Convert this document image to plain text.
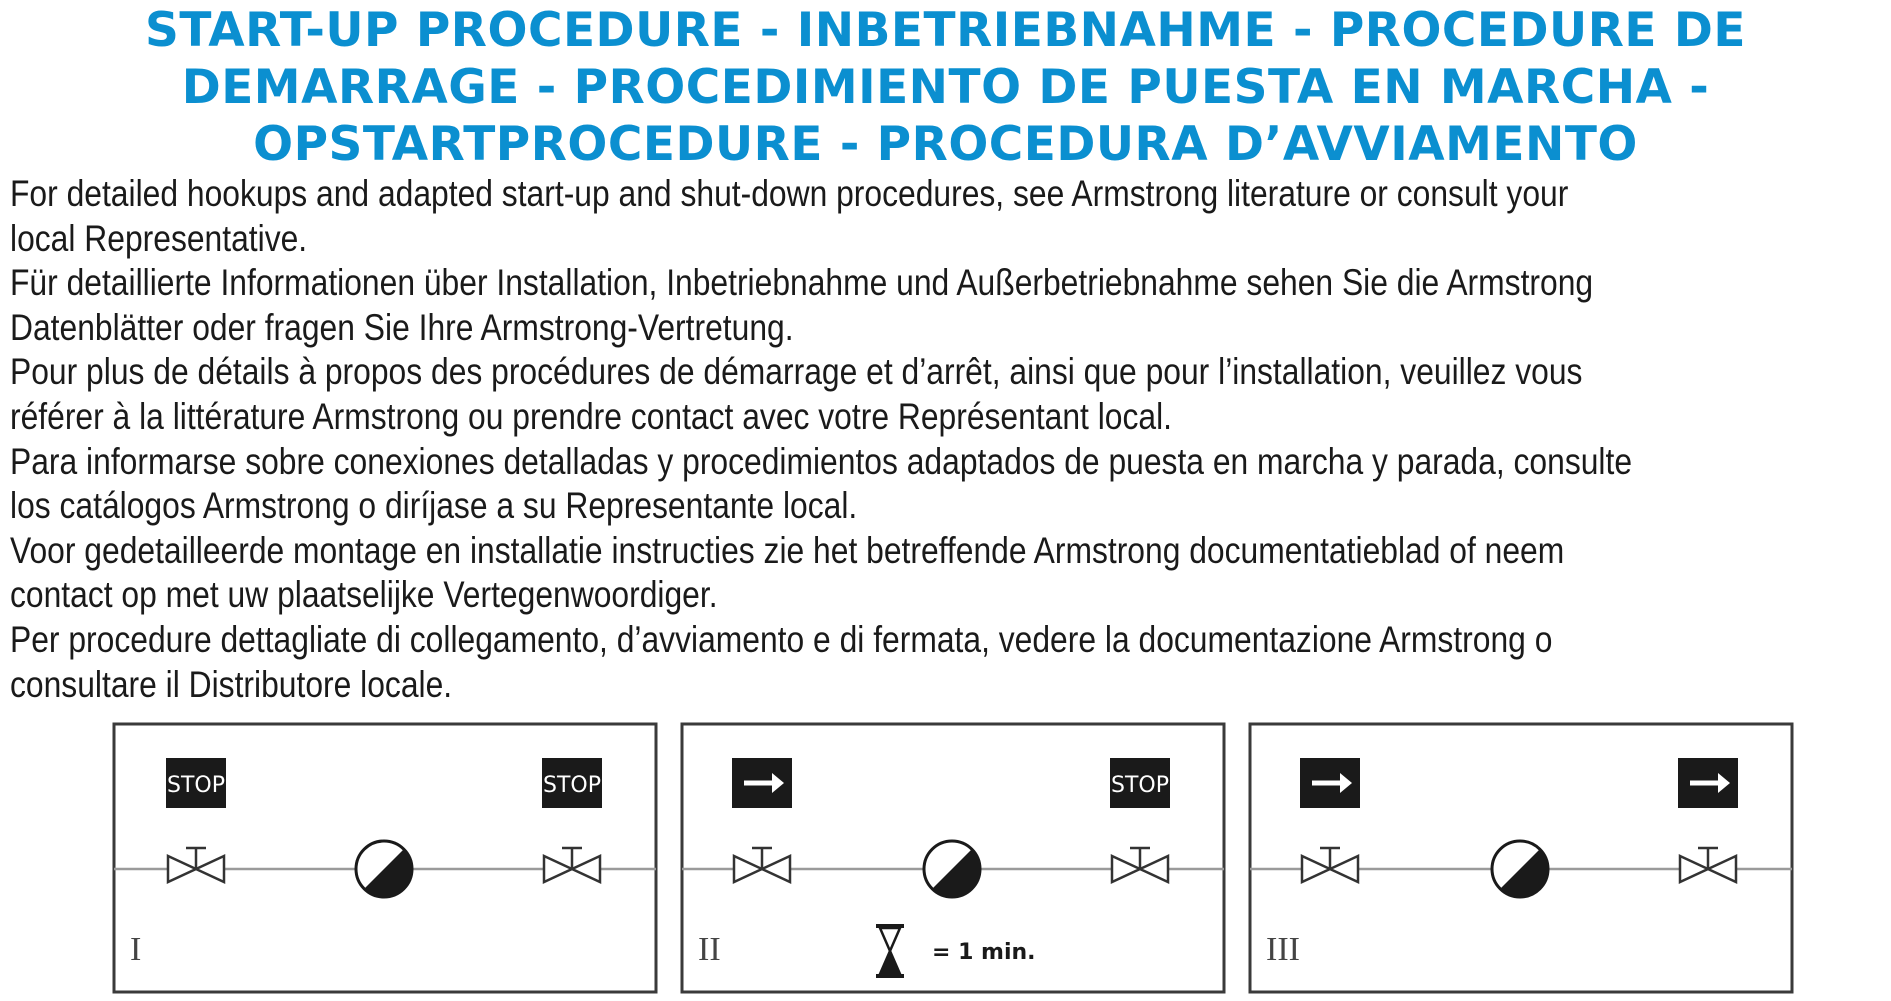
START-UP PROCEDURE - INBETRIEBNAHME - PROCEDURE DE
DEMARRAGE - PROCEDIMIENTO DE PUESTA EN MARCHA -
OPSTARTPROCEDURE - PROCEDURA D’AVVIAMENTO

For detailed hookups and adapted start-up and shut-down procedures, see Armstrong literature or consult your

local Representative.

Für detaillierte Informationen über Installation, Inbetriebnahme und Außerbetriebnahme sehen Sie die Armstrong

Datenblätter oder fragen Sie Ihre Armstrong-Vertretung.

Pour plus de détails à propos des procédures de démarrage et d’arrêt, ainsi que pour l’installation, veuillez vous

référer à la littérature Armstrong ou prendre contact avec votre Représentant local.

Para informarse sobre conexiones detalladas y procedimientos adaptados de puesta en marcha y parada, consulte

los catálogos Armstrong o diríjase a su Representante local.

Voor gedetailleerde montage en installatie instructies zie het betreffende Armstrong documentatieblad of neem

contact op met uw plaatselijke Vertegenwoordiger.

Per procedure dettagliate di collegamento, d’avviamento e di fermata, vedere la documentazione Armstrong o

consultare il Distributore locale.

STOP	STOP
I
STOP
= 1 min.
II	III
